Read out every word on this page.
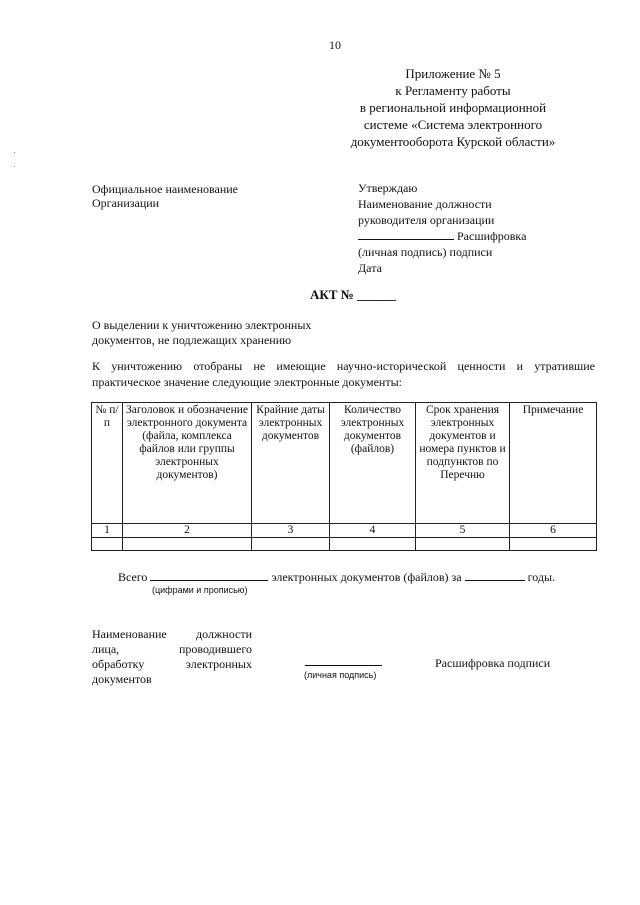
10
Приложение № 5
к Регламенту работы
в региональной информационной
системе «Система электронного
документооборота Курской области»
Официальное наименование
Организации
Утверждаю
Наименование должности
руководителя организации
Расшифровка
(личная подпись) подписи
Дата
АКТ № ______
О выделении к уничтожению электронных
документов, не подлежащих хранению
К уничтожению отобраны не имеющие научно-исторической ценности и утратившие
практическое значение следующие электронные документы:
№ п/п	Заголовок и обозначение электронного документа (файла, комплекса файлов или группы электронных документов)	Крайние даты электронных документов	Количество электронных документов (файлов)	Срок хранения электронных документов и номера пунктов и подпунктов по Перечню	Примечание
1	2	3	4	5	6

Всего	электронных документов (файлов) за	годы.
(цифрами и прописью)
Наименование должности
лица,	проводившего
обработку	электронных
документов	(личная подпись)
Расшифровка подписи
